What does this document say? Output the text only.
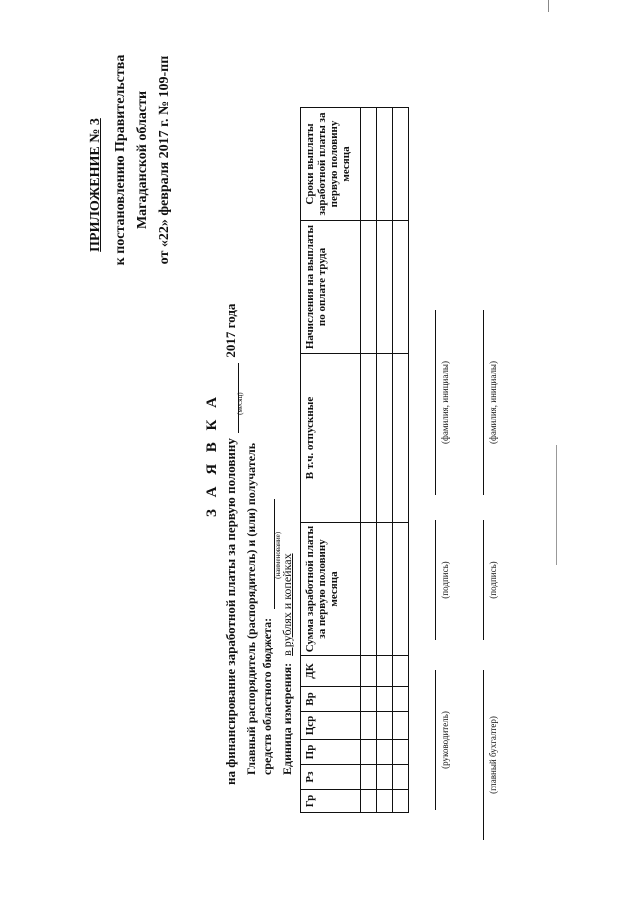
ПРИЛОЖЕНИЕ № 3 к постановлению Правительства Магаданской области от «22» февраля 2017 г. № 109-пп
З А Я В К А на финансирование заработной платы за первую половину
(месяц)
2017 года
Главный распорядитель (распорядитель) и (или) получатель средств областного бюджета:
(наименование)
Единица измерения: в рублях и копейках
Гр	Рз	Пр	Цср	Вр	ДК	Сумма заработной платы за первую половину месяца	В т.ч. отпускные	Начисления на выплаты по оплате труда	Сроки выплаты заработной платы за первую половину месяца

(руководитель)
(подпись)
(фамилия, инициалы)
(главный бухгалтер)
(подпись)
(фамилия, инициалы)
